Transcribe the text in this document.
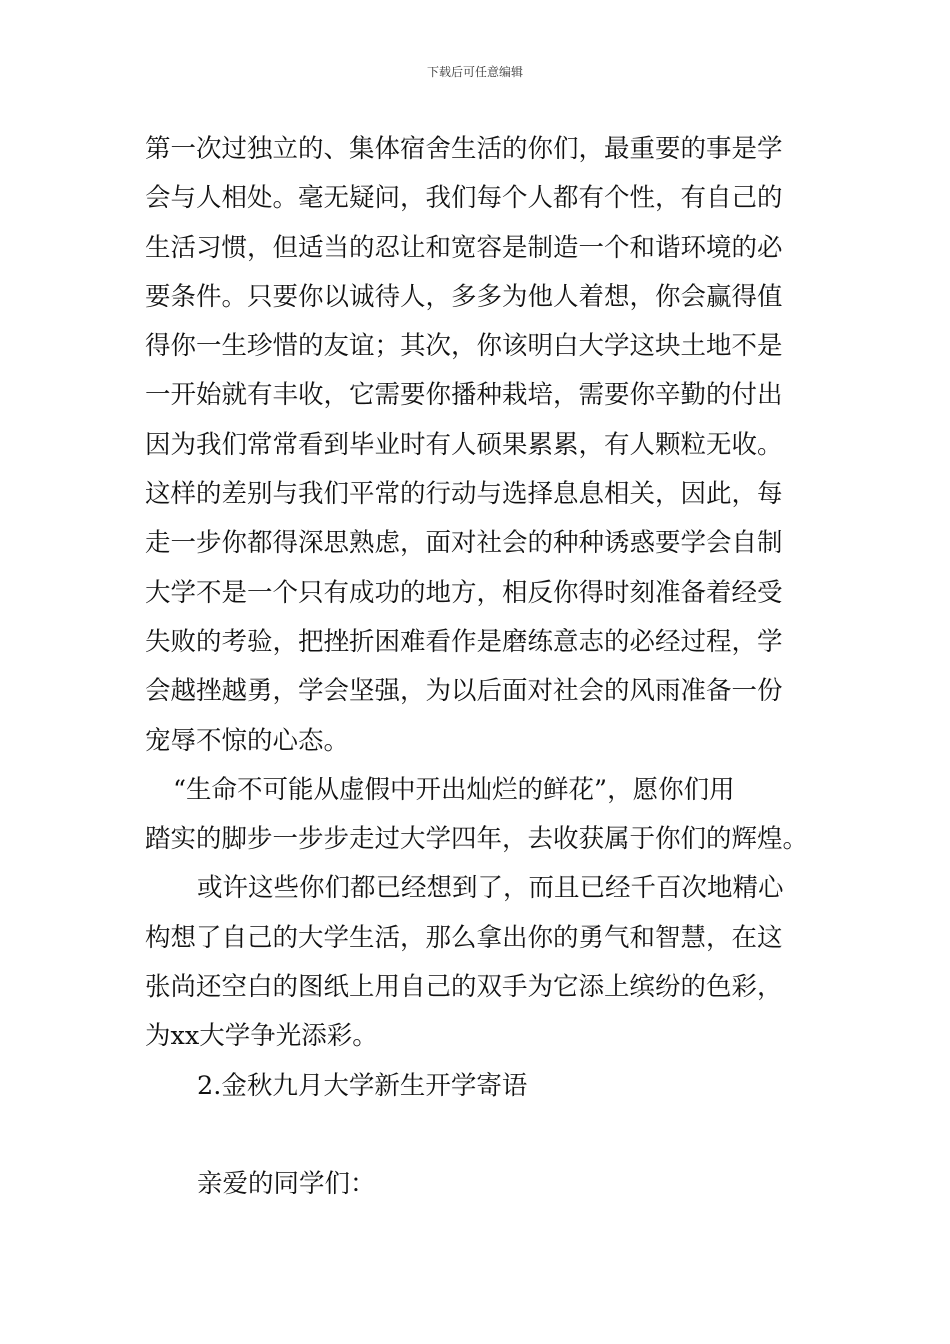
下载后可任意编辑
第一次过独立的、集体宿舍生活的你们，最重要的事是学
会与人相处。毫无疑问，我们每个人都有个性，有自己的
生活习惯，但适当的忍让和宽容是制造一个和谐环境的必
要条件。只要你以诚待人，多多为他人着想，你会赢得值
得你一生珍惜的友谊；其次，你该明白大学这块土地不是
一开始就有丰收，它需要你播种栽培，需要你辛勤的付出
因为我们常常看到毕业时有人硕果累累，有人颗粒无收。
这样的差别与我们平常的行动与选择息息相关，因此，每
走一步你都得深思熟虑，面对社会的种种诱惑要学会自制
大学不是一个只有成功的地方，相反你得时刻准备着经受
失败的考验，把挫折困难看作是磨练意志的必经过程，学
会越挫越勇，学会坚强，为以后面对社会的风雨准备一份
宠辱不惊的心态。
“生命不可能从虚假中开出灿烂的鲜花”，愿你们用
踏实的脚步一步步走过大学四年，去收获属于你们的辉煌。
或许这些你们都已经想到了，而且已经千百次地精心
构想了自己的大学生活，那么拿出你的勇气和智慧，在这
张尚还空白的图纸上用自己的双手为它添上缤纷的色彩，
为xx大学争光添彩。
2.金秋九月大学新生开学寄语
亲爱的同学们：
